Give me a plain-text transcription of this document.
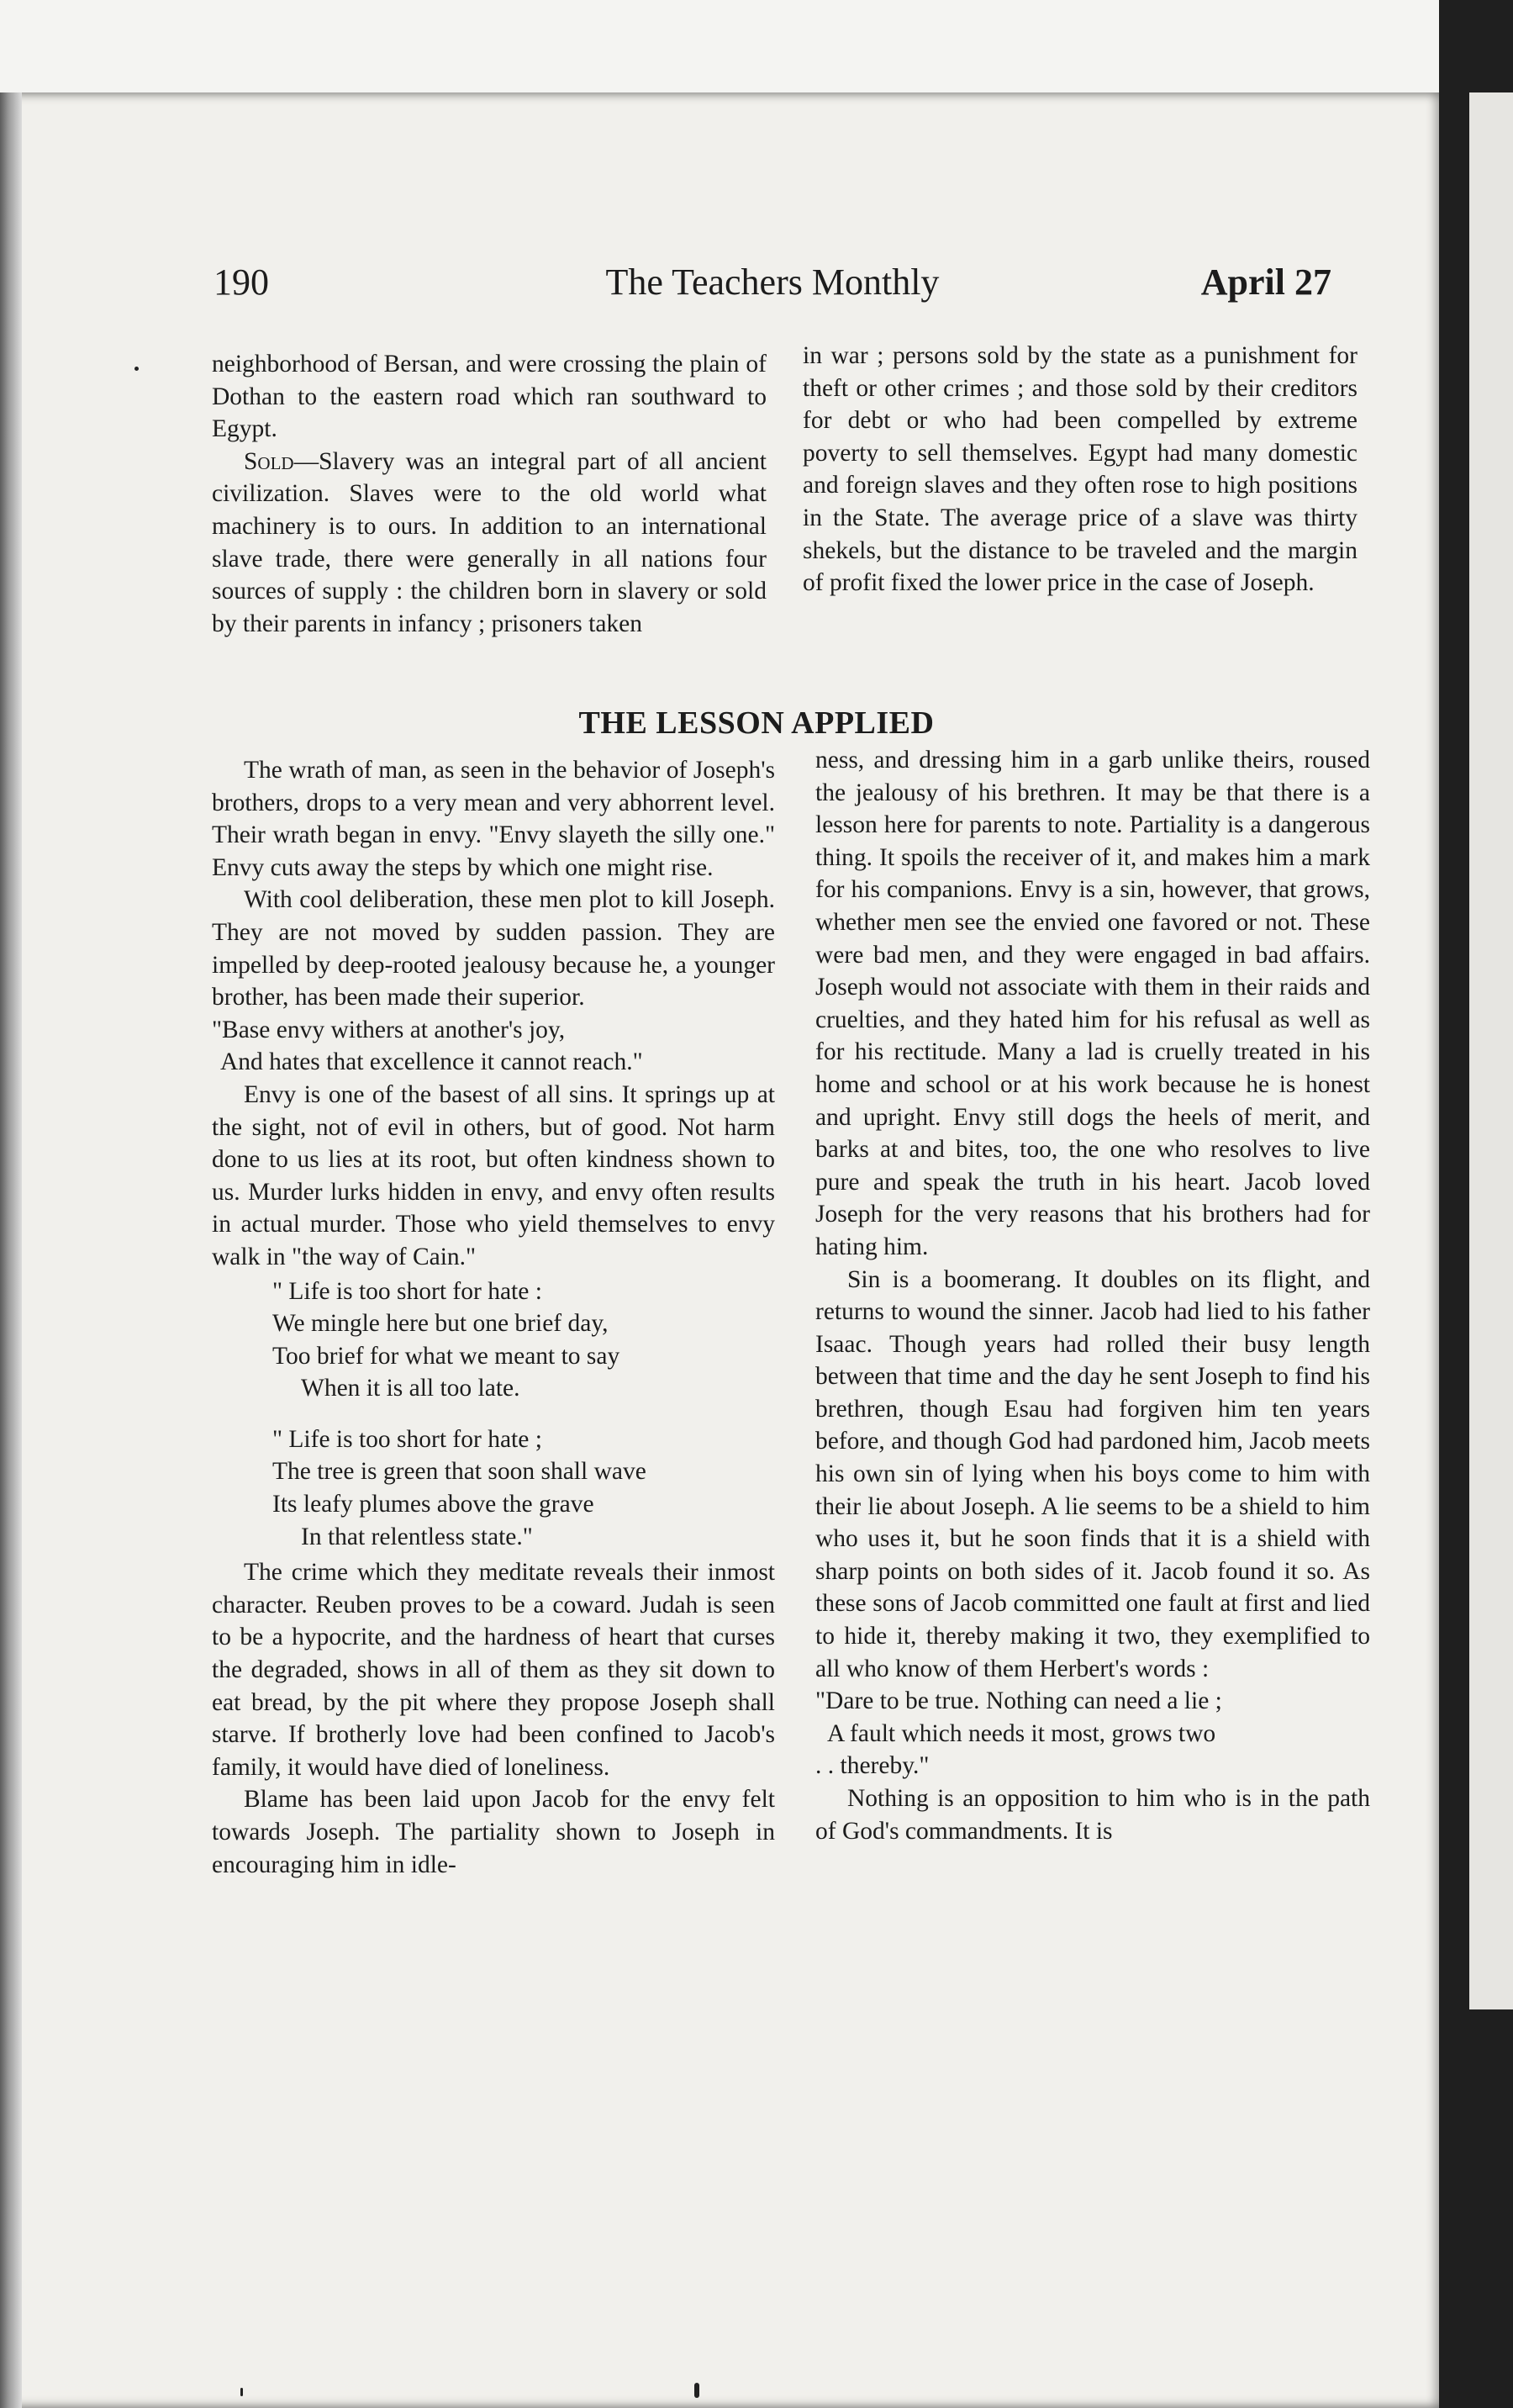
190	The Teachers Monthly	April 27

neighborhood of Bersan, and were crossing the plain of Dothan to the eastern road which ran southward to Egypt.

Sold—Slavery was an integral part of all ancient civilization. Slaves were to the old world what machinery is to ours. In addition to an international slave trade, there were generally in all nations four sources of supply : the children born in slavery or sold by their parents in infancy ; prisoners taken

in war ; persons sold by the state as a punishment for theft or other crimes ; and those sold by their creditors for debt or who had been compelled by extreme poverty to sell themselves. Egypt had many domestic and foreign slaves and they often rose to high positions in the State. The average price of a slave was thirty shekels, but the distance to be traveled and the margin of profit fixed the lower price in the case of Joseph.

THE LESSON APPLIED

The wrath of man, as seen in the behavior of Joseph's brothers, drops to a very mean and very abhorrent level. Their wrath began in envy. "Envy slayeth the silly one." Envy cuts away the steps by which one might rise.

With cool deliberation, these men plot to kill Joseph. They are not moved by sudden passion. They are impelled by deep-rooted jealousy because he, a younger brother, has been made their superior.

"Base envy withers at another's joy,

And hates that excellence it cannot reach."

Envy is one of the basest of all sins. It springs up at the sight, not of evil in others, but of good. Not harm done to us lies at its root, but often kindness shown to us. Murder lurks hidden in envy, and envy often results in actual murder. Those who yield themselves to envy walk in "the way of Cain."

" Life is too short for hate :

We mingle here but one brief day,

Too brief for what we meant to say

When it is all too late.

" Life is too short for hate ;

The tree is green that soon shall wave

Its leafy plumes above the grave

In that relentless state."

The crime which they meditate reveals their inmost character. Reuben proves to be a coward. Judah is seen to be a hypocrite, and the hardness of heart that curses the degraded, shows in all of them as they sit down to eat bread, by the pit where they propose Joseph shall starve. If brotherly love had been confined to Jacob's family, it would have died of loneliness.

Blame has been laid upon Jacob for the envy felt towards Joseph. The partiality shown to Joseph in encouraging him in idle-

ness, and dressing him in a garb unlike theirs, roused the jealousy of his brethren. It may be that there is a lesson here for parents to note. Partiality is a dangerous thing. It spoils the receiver of it, and makes him a mark for his companions. Envy is a sin, however, that grows, whether men see the envied one favored or not. These were bad men, and they were engaged in bad affairs. Joseph would not associate with them in their raids and cruelties, and they hated him for his refusal as well as for his rectitude. Many a lad is cruelly treated in his home and school or at his work because he is honest and upright. Envy still dogs the heels of merit, and barks at and bites, too, the one who resolves to live pure and speak the truth in his heart. Jacob loved Joseph for the very reasons that his brothers had for hating him.

Sin is a boomerang. It doubles on its flight, and returns to wound the sinner. Jacob had lied to his father Isaac. Though years had rolled their busy length between that time and the day he sent Joseph to find his brethren, though Esau had forgiven him ten years before, and though God had pardoned him, Jacob meets his own sin of lying when his boys come to him with their lie about Joseph. A lie seems to be a shield to him who uses it, but he soon finds that it is a shield with sharp points on both sides of it. Jacob found it so. As these sons of Jacob committed one fault at first and lied to hide it, thereby making it two, they exemplified to all who know of them Herbert's words :

"Dare to be true. Nothing can need a lie ;

A fault which needs it most, grows two

. . thereby."

Nothing is an opposition to him who is in the path of God's commandments. It is
